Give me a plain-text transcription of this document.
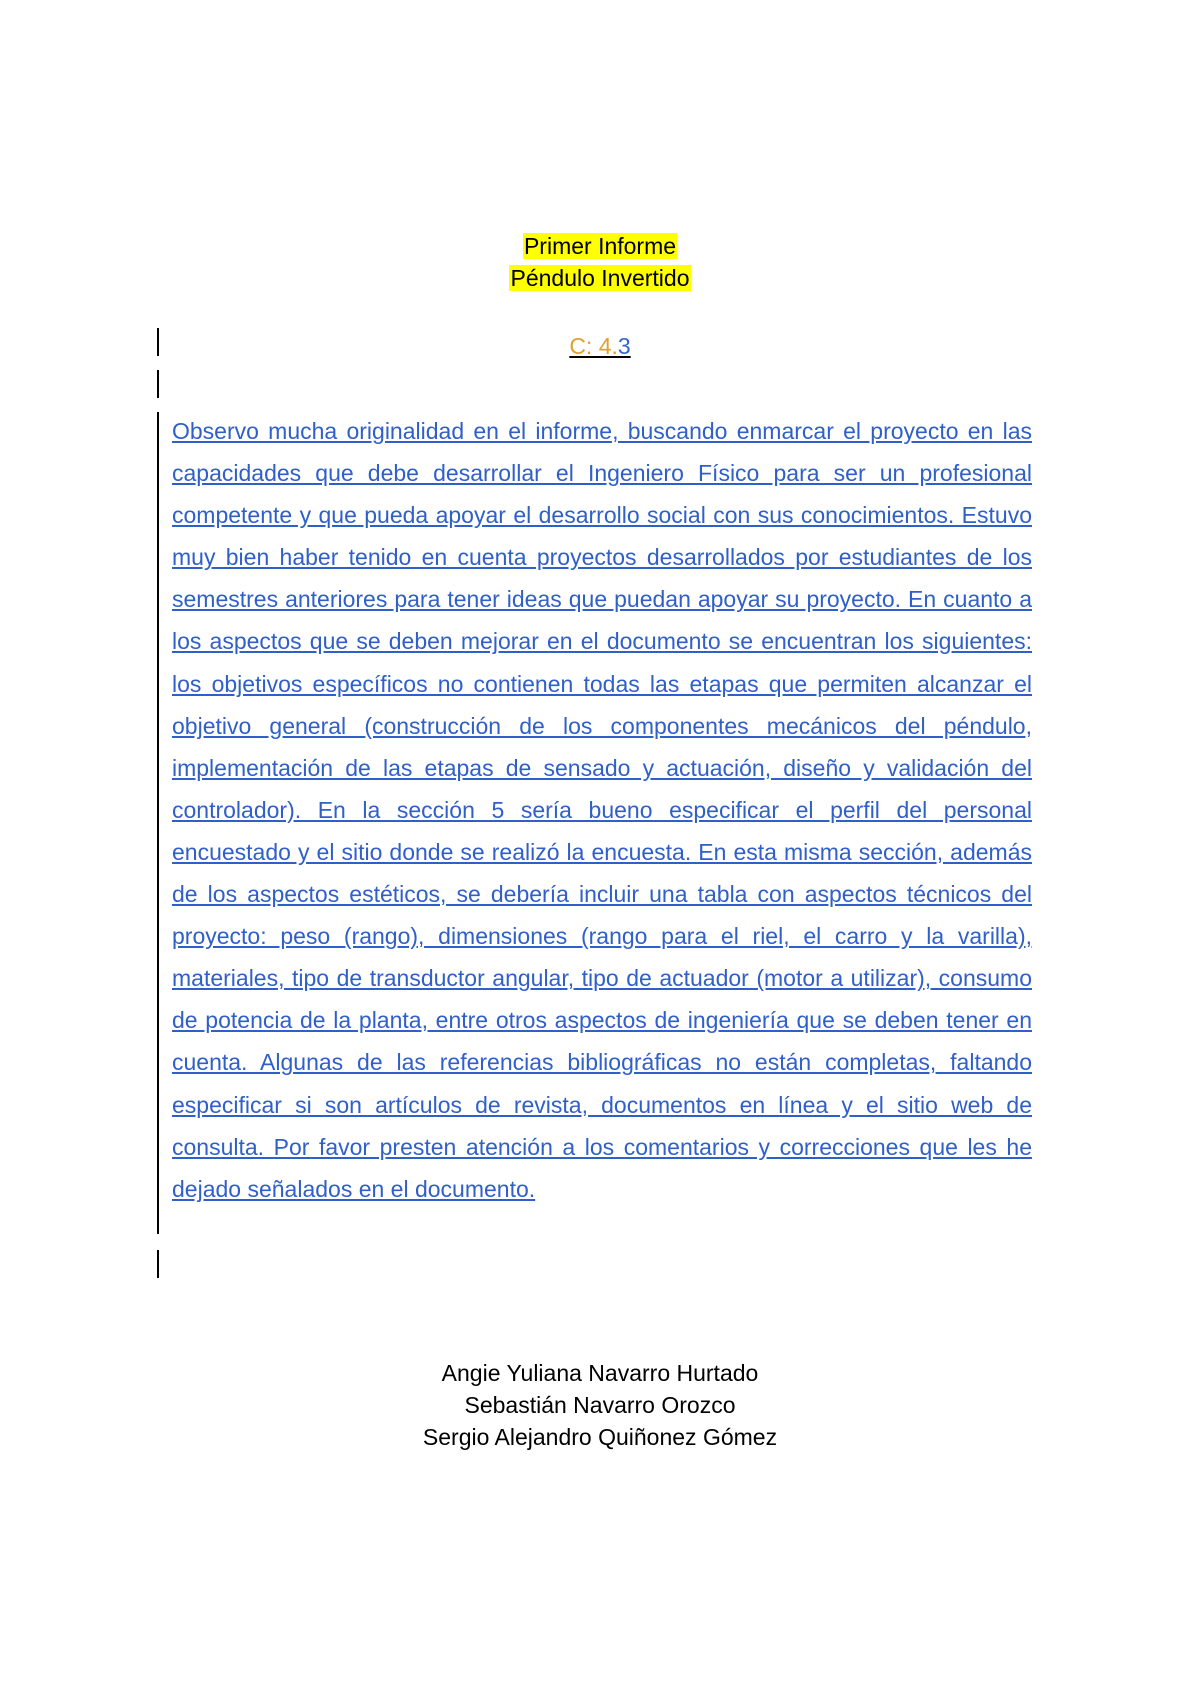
Primer Informe
Péndulo Invertido
C: 4.3
Observo mucha originalidad en el informe, buscando enmarcar el proyecto en las capacidades que debe desarrollar el Ingeniero Físico para ser un profesional competente y que pueda apoyar el desarrollo social con sus conocimientos. Estuvo muy bien haber tenido en cuenta proyectos desarrollados por estudiantes de los semestres anteriores para tener ideas que puedan apoyar su proyecto. En cuanto a los aspectos que se deben mejorar en el documento se encuentran los siguientes: los objetivos específicos no contienen todas las etapas que permiten alcanzar el objetivo general (construcción de los componentes mecánicos del péndulo, implementación de las etapas de sensado y actuación, diseño y validación del controlador). En la sección 5 sería bueno especificar el perfil del personal encuestado y el sitio donde se realizó la encuesta. En esta misma sección, además de los aspectos estéticos, se debería incluir una tabla con aspectos técnicos del proyecto: peso (rango), dimensiones (rango para el riel, el carro y la varilla), materiales, tipo de transductor angular, tipo de actuador (motor a utilizar), consumo de potencia de la planta, entre otros aspectos de ingeniería que se deben tener en cuenta. Algunas de las referencias bibliográficas no están completas, faltando especificar si son artículos de revista, documentos en línea y el sitio web de consulta. Por favor presten atención a los comentarios y correcciones que les he dejado señalados en el documento.
Angie Yuliana Navarro Hurtado
Sebastián Navarro Orozco
Sergio Alejandro Quiñonez Gómez
